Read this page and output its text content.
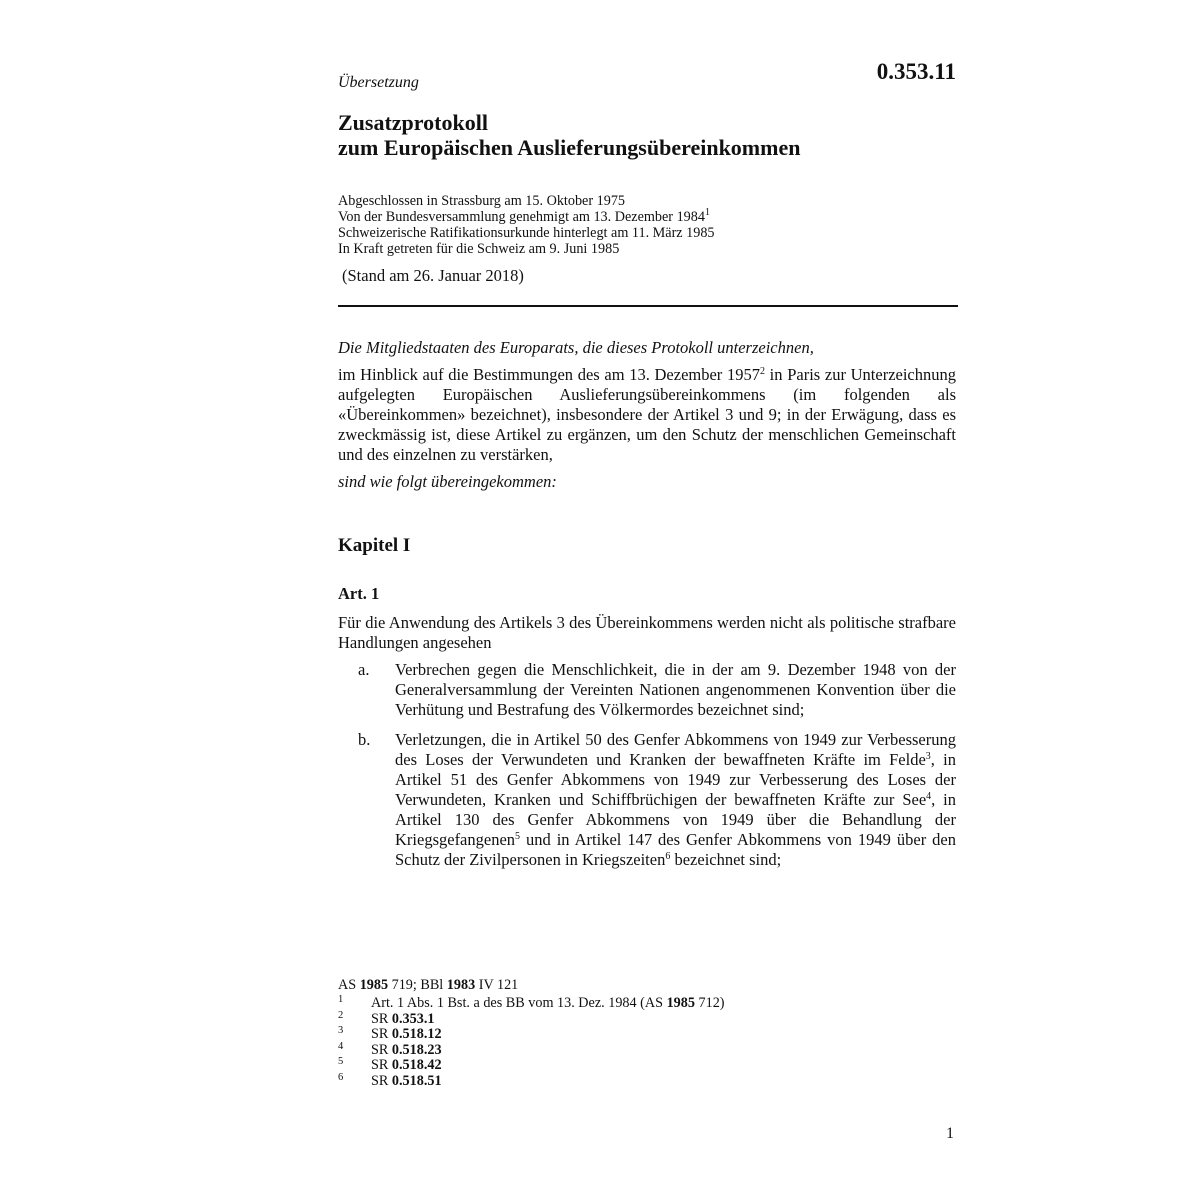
0.353.11
Übersetzung
Zusatzprotokoll
zum Europäischen Auslieferungsübereinkommen
Abgeschlossen in Strassburg am 15. Oktober 1975
Von der Bundesversammlung genehmigt am 13. Dezember 1984$^1$
Schweizerische Ratifikationsurkunde hinterlegt am 11. März 1985
In Kraft getreten für die Schweiz am 9. Juni 1985
(Stand am 26. Januar 2018)

Die Mitgliedstaaten des Europarats, die dieses Protokoll unterzeichnen,

im Hinblick auf die Bestimmungen des am 13. Dezember 1957$^2$ in Paris zur Unterzeichnung aufgelegten Europäischen Auslieferungsübereinkommens (im folgenden als «Übereinkommen» bezeichnet), insbesondere der Artikel 3 und 9; in der Erwägung, dass es zweckmässig ist, diese Artikel zu ergänzen, um den Schutz der menschlichen Gemeinschaft und des einzelnen zu verstärken,

sind wie folgt übereingekommen:

Kapitel I
Art. 1

Für die Anwendung des Artikels 3 des Übereinkommens werden nicht als politische strafbare Handlungen angesehen

a. Verbrechen gegen die Menschlichkeit, die in der am 9. Dezember 1948 von der Generalversammlung der Vereinten Nationen angenommenen Konvention über die Verhütung und Bestrafung des Völkermordes bezeichnet sind;
b. Verletzungen, die in Artikel 50 des Genfer Abkommens von 1949 zur Verbesserung des Loses der Verwundeten und Kranken der bewaffneten Kräfte im Felde$^3$, in Artikel 51 des Genfer Abkommens von 1949 zur Verbesserung des Loses der Verwundeten, Kranken und Schiffbrüchigen der bewaffneten Kräfte zur See$^4$, in Artikel 130 des Genfer Abkommens von 1949 über die Behandlung der Kriegsgefangenen$^5$ und in Artikel 147 des Genfer Abkommens von 1949 über den Schutz der Zivilpersonen in Kriegszeiten$^6$ bezeichnet sind;
AS 1985 719; BBl 1983 IV 121
1 Art. 1 Abs. 1 Bst. a des BB vom 13. Dez. 1984 (AS 1985 712)
2 SR 0.353.1
3 SR 0.518.12
4 SR 0.518.23
5 SR 0.518.42
6 SR 0.518.51
1
